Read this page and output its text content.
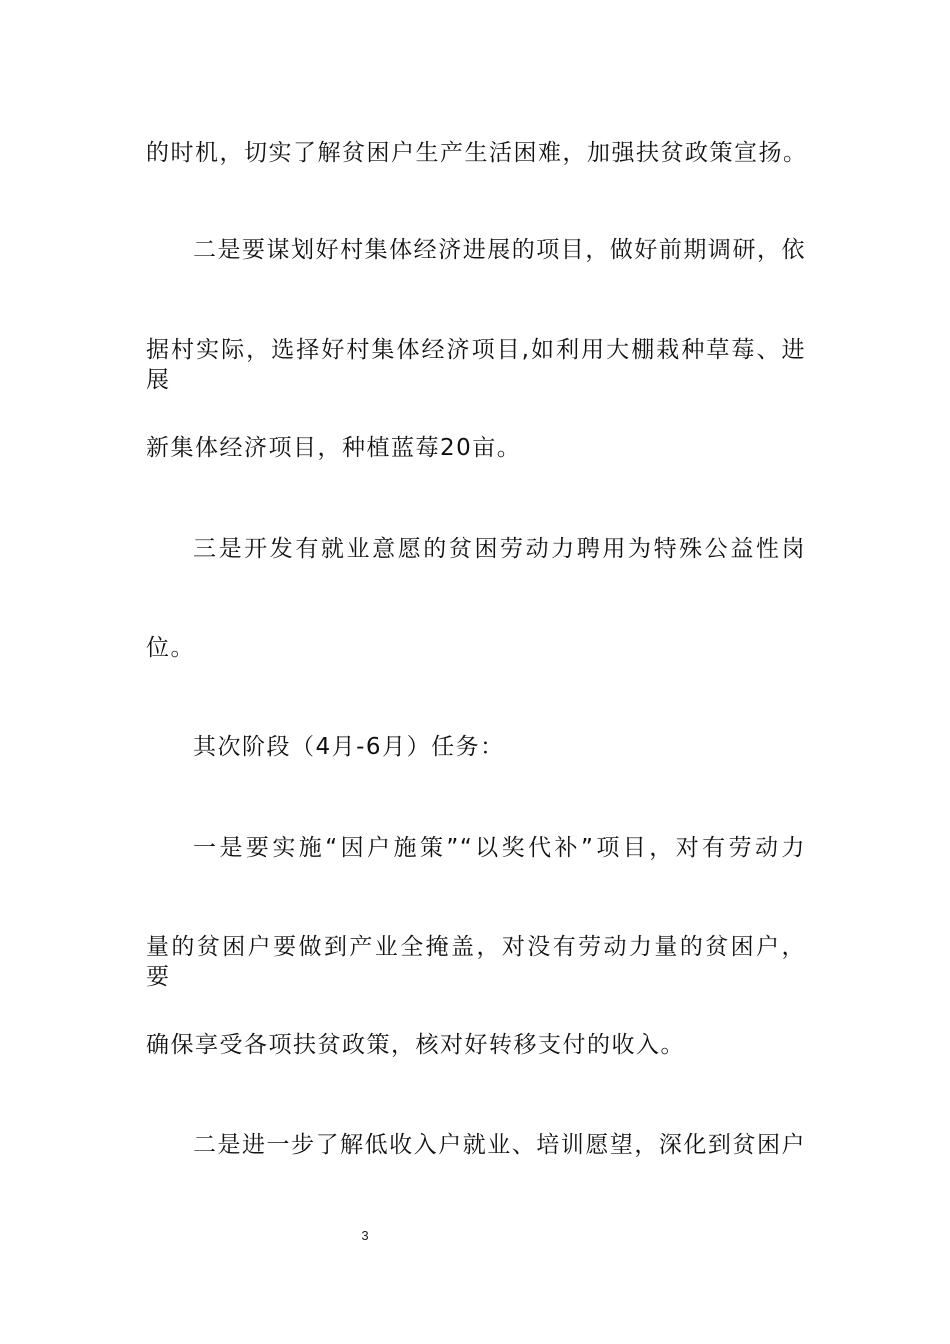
的时机，切实了解贫困户生产生活困难，加强扶贫政策宣扬。
二是要谋划好村集体经济进展的项目，做好前期调研，依
据村实际，选择好村集体经济项目,如利用大棚栽种草莓、进展
新集体经济项目，种植蓝莓20亩。
三是开发有就业意愿的贫困劳动力聘用为特殊公益性岗
位。
其次阶段（4月-6月）任务：
一是要实施“因户施策”“以奖代补”项目，对有劳动力
量的贫困户要做到产业全掩盖，对没有劳动力量的贫困户，要
确保享受各项扶贫政策，核对好转移支付的收入。
二是进一步了解低收入户就业、培训愿望，深化到贫困户
3
